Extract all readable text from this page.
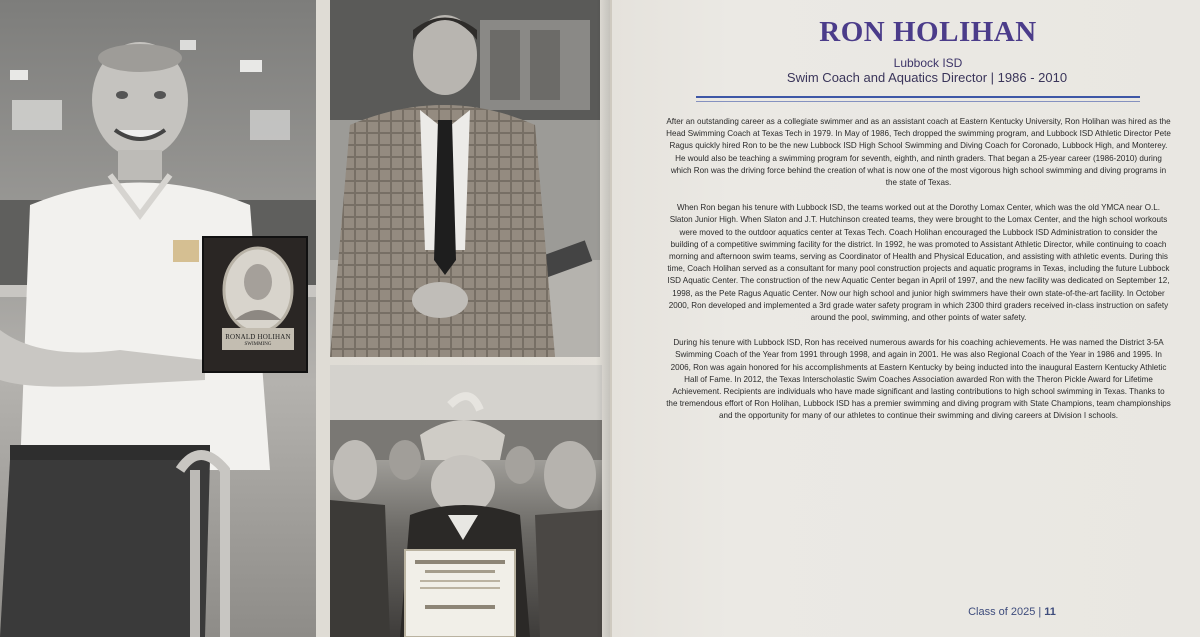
RONALD HOLIHAN
SWIMMING
RON HOLIHAN
Lubbock ISD
Swim Coach and Aquatics Director | 1986 - 2010

After an outstanding career as a collegiate swimmer and as an assistant coach at Eastern Kentucky University, Ron Holihan was hired as the Head Swimming Coach at Texas Tech in 1979. In May of 1986, Tech dropped the swimming program, and Lubbock ISD Athletic Director Pete Ragus quickly hired Ron to be the new Lubbock ISD High School Swimming and Diving Coach for Coronado, Lubbock High, and Monterey. He would also be teaching a swimming program for seventh, eighth, and ninth graders. That began a 25-year career (1986-2010) during which Ron was the driving force behind the creation of what is now one of the most vigorous high school swimming and diving programs in the state of Texas.

When Ron began his tenure with Lubbock ISD, the teams worked out at the Dorothy Lomax Center, which was the old YMCA near O.L. Slaton Junior High. When Slaton and J.T. Hutchinson created teams, they were brought to the Lomax Center, and the high school workouts were moved to the outdoor aquatics center at Texas Tech. Coach Holihan encouraged the Lubbock ISD Administration to consider the building of a competitive swimming facility for the district. In 1992, he was promoted to Assistant Athletic Director, while continuing to coach morning and afternoon swim teams, serving as Coordinator of Health and Physical Education, and assisting with athletic events. During this time, Coach Holihan served as a consultant for many pool construction projects and aquatic programs in Texas, including the future Lubbock ISD Aquatic Center. The construction of the new Aquatic Center began in April of 1997, and the new facility was dedicated on September 12, 1998, as the Pete Ragus Aquatic Center. Now our high school and junior high swimmers have their own state-of-the-art facility. In October 2000, Ron developed and implemented a 3rd grade water safety program in which 2300 third graders received in-class instruction on safety around the pool, swimming, and other points of water safety.

During his tenure with Lubbock ISD, Ron has received numerous awards for his coaching achievements. He was named the District 3-5A Swimming Coach of the Year from 1991 through 1998, and again in 2001. He was also Regional Coach of the Year in 1986 and 1995. In 2006, Ron was again honored for his accomplishments at Eastern Kentucky by being inducted into the inaugural Eastern Kentucky Athletic Hall of Fame. In 2012, the Texas Interscholastic Swim Coaches Association awarded Ron with the Theron Pickle Award for Lifetime Achievement. Recipients are individuals who have made significant and lasting contributions to high school swimming in Texas. Thanks to the tremendous effort of Ron Holihan, Lubbock ISD has a premier swimming and diving program with State Champions, team championships and the opportunity for many of our athletes to continue their swimming and diving careers at Division I schools.

Class of 2025 | 11
